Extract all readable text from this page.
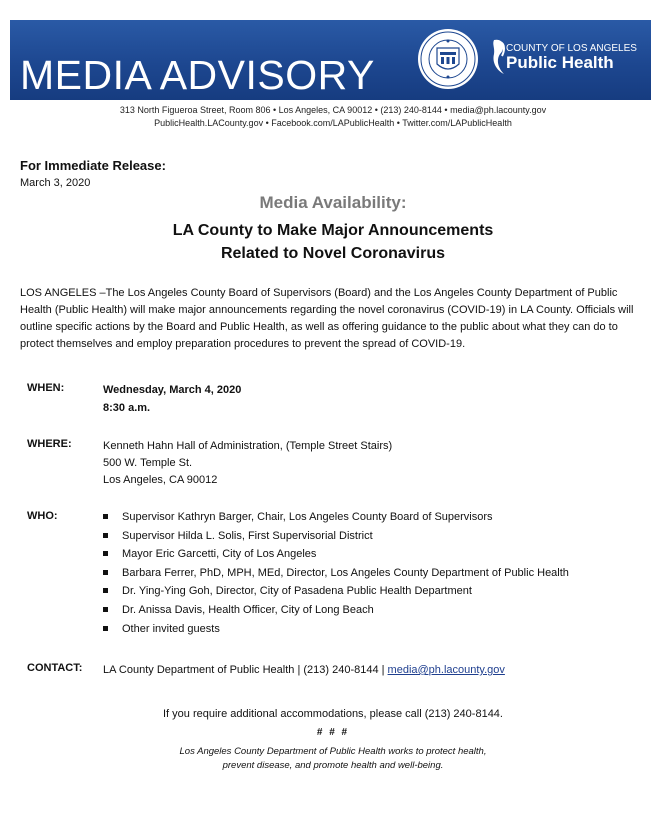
MEDIA ADVISORY
COUNTY OF LOS ANGELES
Public Health
313 North Figueroa Street, Room 806 • Los Angeles, CA 90012 • (213) 240-8144 • media@ph.lacounty.gov
PublicHealth.LACounty.gov • Facebook.com/LAPublicHealth • Twitter.com/LAPublicHealth
For Immediate Release:
March 3, 2020
Media Availability:
LA County to Make Major Announcements
Related to Novel Coronavirus
LOS ANGELES –The Los Angeles County Board of Supervisors (Board) and the Los Angeles County Department of Public Health (Public Health) will make major announcements regarding the novel coronavirus (COVID-19) in LA County. Officials will outline specific actions by the Board and Public Health, as well as offering guidance to the public about what they can do to protect themselves and employ preparation procedures to prevent the spread of COVID-19.
WHEN:	Wednesday, March 4, 2020
8:30 a.m.
WHERE:	Kenneth Hahn Hall of Administration, (Temple Street Stairs)
500 W. Temple St.
Los Angeles, CA 90012
WHO:	Supervisor Kathryn Barger, Chair, Los Angeles County Board of Supervisors
Supervisor Hilda L. Solis, First Supervisorial District
Mayor Eric Garcetti, City of Los Angeles
Barbara Ferrer, PhD, MPH, MEd, Director, Los Angeles County Department of Public Health
Dr. Ying-Ying Goh, Director, City of Pasadena Public Health Department
Dr. Anissa Davis, Health Officer, City of Long Beach
Other invited guests
CONTACT: LA County Department of Public Health | (213) 240-8144 | media@ph.lacounty.gov
If you require additional accommodations, please call (213) 240-8144.
# # #
Los Angeles County Department of Public Health works to protect health,
prevent disease, and promote health and well-being.
